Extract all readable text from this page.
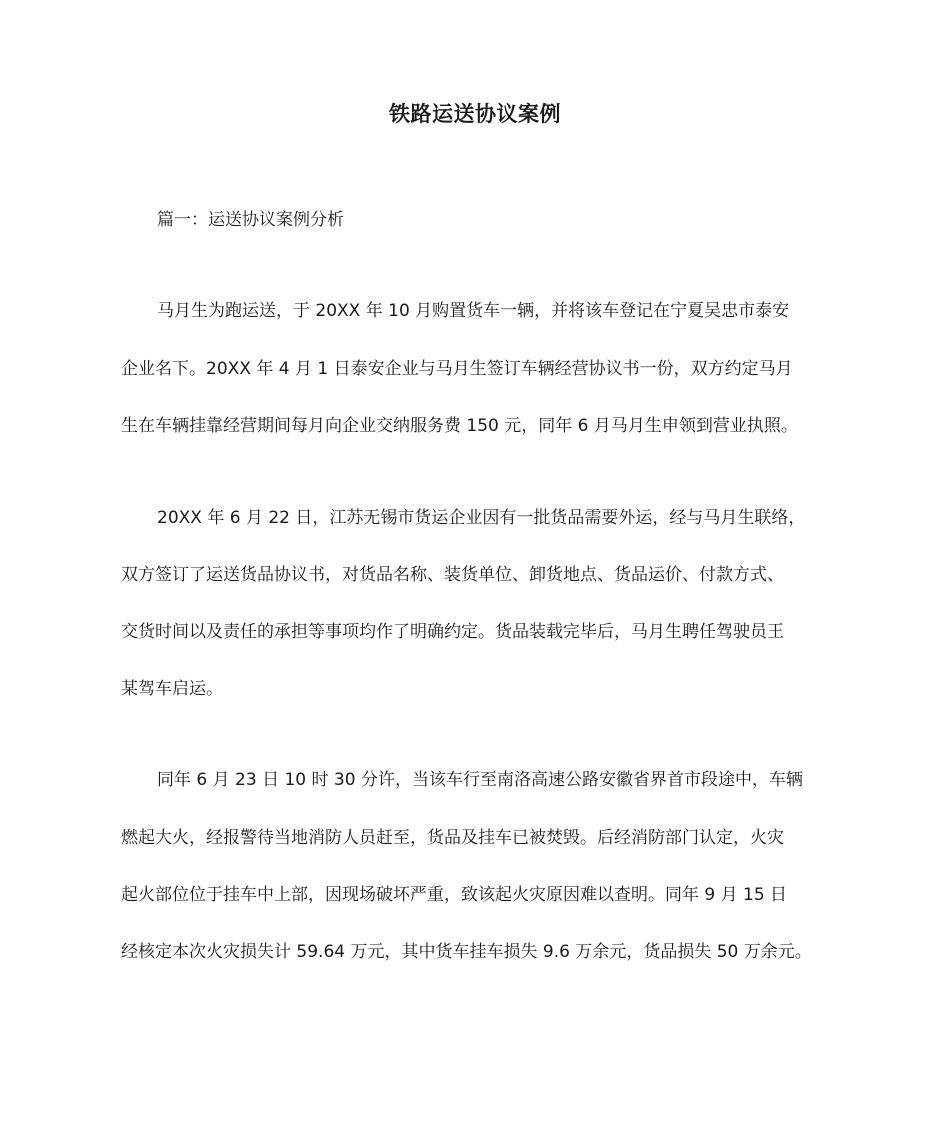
铁路运送协议案例
篇一：运送协议案例分析
马月生为跑运送，于 20XX 年 10 月购置货车一辆，并将该车登记在宁夏吴忠市泰安
企业名下。20XX 年 4 月 1 日泰安企业与马月生签订车辆经营协议书一份，双方约定马月
生在车辆挂靠经营期间每月向企业交纳服务费 150 元，同年 6 月马月生申领到营业执照。
20XX 年 6 月 22 日，江苏无锡市货运企业因有一批货品需要外运，经与马月生联络，
双方签订了运送货品协议书，对货品名称、装货单位、卸货地点、货品运价、付款方式、
交货时间以及责任的承担等事项均作了明确约定。货品装载完毕后，马月生聘任驾驶员王
某驾车启运。
同年 6 月 23 日 10 时 30 分许，当该车行至南洛高速公路安徽省界首市段途中，车辆
燃起大火，经报警待当地消防人员赶至，货品及挂车已被焚毁。后经消防部门认定，火灾
起火部位位于挂车中上部，因现场破坏严重，致该起火灾原因难以查明。同年 9 月 15 日
经核定本次火灾损失计 59.64 万元，其中货车挂车损失 9.6 万余元，货品损失 50 万余元。
